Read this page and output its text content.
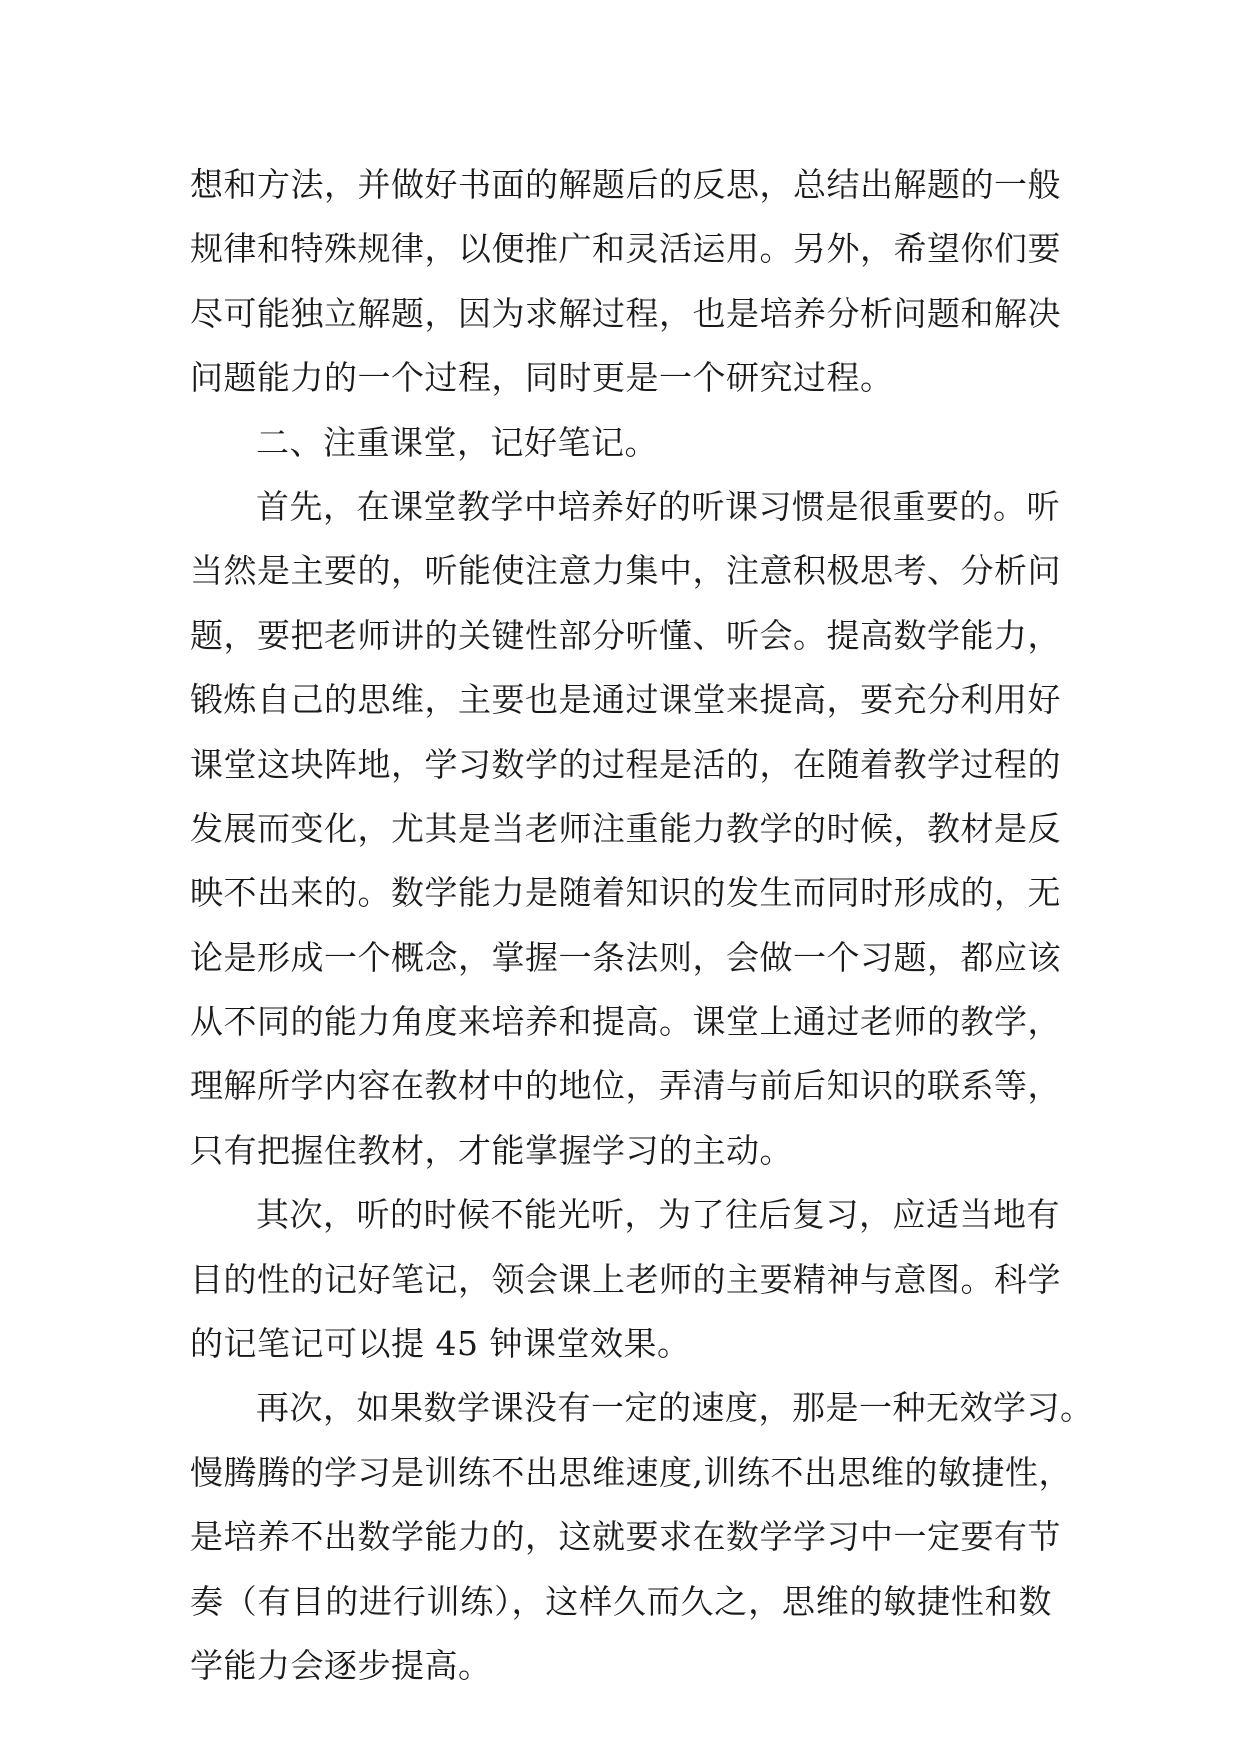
想和方法，并做好书面的解题后的反思，总结出解题的一般
规律和特殊规律，以便推广和灵活运用。另外，希望你们要
尽可能独立解题，因为求解过程，也是培养分析问题和解决
问题能力的一个过程，同时更是一个研究过程。
二、注重课堂，记好笔记。
首先，在课堂教学中培养好的听课习惯是很重要的。听
当然是主要的，听能使注意力集中，注意积极思考、分析问
题，要把老师讲的关键性部分听懂、听会。提高数学能力，
锻炼自己的思维，主要也是通过课堂来提高，要充分利用好
课堂这块阵地，学习数学的过程是活的，在随着教学过程的
发展而变化，尤其是当老师注重能力教学的时候，教材是反
映不出来的。数学能力是随着知识的发生而同时形成的，无
论是形成一个概念，掌握一条法则，会做一个习题，都应该
从不同的能力角度来培养和提高。课堂上通过老师的教学，
理解所学内容在教材中的地位，弄清与前后知识的联系等，
只有把握住教材，才能掌握学习的主动。
其次，听的时候不能光听，为了往后复习，应适当地有
目的性的记好笔记，领会课上老师的主要精神与意图。科学
的记笔记可以提 45 钟课堂效果。
再次，如果数学课没有一定的速度，那是一种无效学习。
慢腾腾的学习是训练不出思维速度,训练不出思维的敏捷性，
是培养不出数学能力的，这就要求在数学学习中一定要有节
奏（有目的进行训练），这样久而久之，思维的敏捷性和数
学能力会逐步提高。
